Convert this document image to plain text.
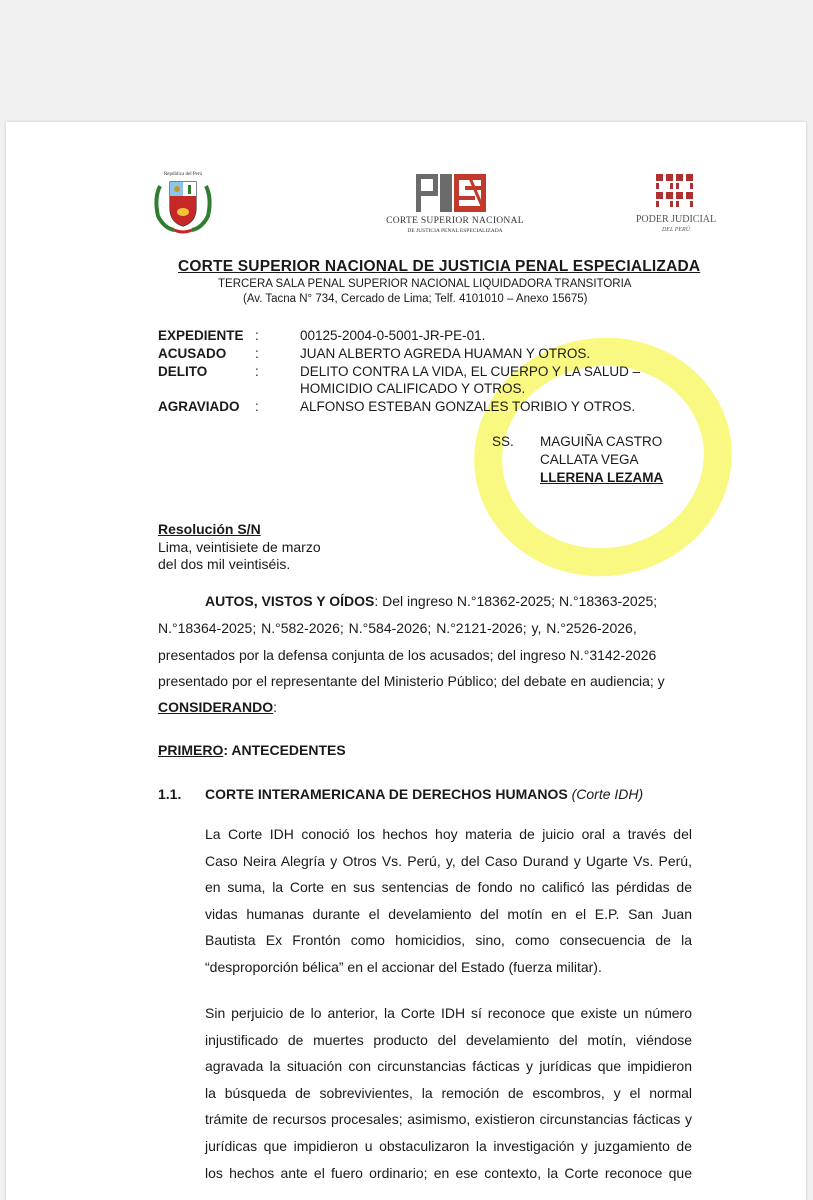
República del Perú
CORTE SUPERIOR NACIONAL
DE JUSTICIA PENAL ESPECIALIZADA
PODER JUDICIAL
DEL PERÚ
CORTE SUPERIOR NACIONAL DE JUSTICIA PENAL ESPECIALIZADA
TERCERA SALA PENAL SUPERIOR NACIONAL LIQUIDADORA TRANSITORIA
(Av. Tacna N° 734, Cercado de Lima; Telf. 4101010 – Anexo 15675)
EXPEDIENTE :	00125-2004-0-5001-JR-PE-01.
ACUSADO :	JUAN ALBERTO AGREDA HUAMAN Y OTROS.
DELITO	:	DELITO CONTRA LA VIDA, EL CUERPO Y LA SALUD –
HOMICIDIO CALIFICADO Y OTROS.
AGRAVIADO :	ALFONSO ESTEBAN GONZALES TORIBIO Y OTROS.
SS. MAGUIÑA CASTRO
CALLATA VEGA
LLERENA LEZAMA
Resolución S/N
Lima, veintisiete de marzo
del dos mil veintiséis.
AUTOS, VISTOS Y OÍDOS: Del ingreso N.°18362-2025; N.°18363-2025;
N.°18364-2025; N.°582-2026; N.°584-2026; N.°2121-2026; y, N.°2526-2026,
presentados por la defensa conjunta de los acusados; del ingreso N.°3142-2026
presentado por el representante del Ministerio Público; del debate en audiencia; y
CONSIDERANDO:
PRIMERO: ANTECEDENTES
1.1. CORTE INTERAMERICANA DE DERECHOS HUMANOS (Corte IDH)
La Corte IDH conoció los hechos hoy materia de juicio oral a través del
Caso Neira Alegría y Otros Vs. Perú, y, del Caso Durand y Ugarte Vs. Perú,
en suma, la Corte en sus sentencias de fondo no calificó las pérdidas de
vidas humanas durante el develamiento del motín en el E.P. San Juan
Bautista Ex Frontón como homicidios, sino, como consecuencia de la
“desproporción bélica” en el accionar del Estado (fuerza militar).
Sin perjuicio de lo anterior, la Corte IDH sí reconoce que existe un número
injustificado de muertes producto del develamiento del motín, viéndose
agravada la situación con circunstancias fácticas y jurídicas que impidieron
la búsqueda de sobrevivientes, la remoción de escombros, y el normal
trámite de recursos procesales; asimismo, existieron circunstancias fácticas y
jurídicas que impidieron u obstaculizaron la investigación y juzgamiento de
los hechos ante el fuero ordinario; en ese contexto, la Corte reconoce que
